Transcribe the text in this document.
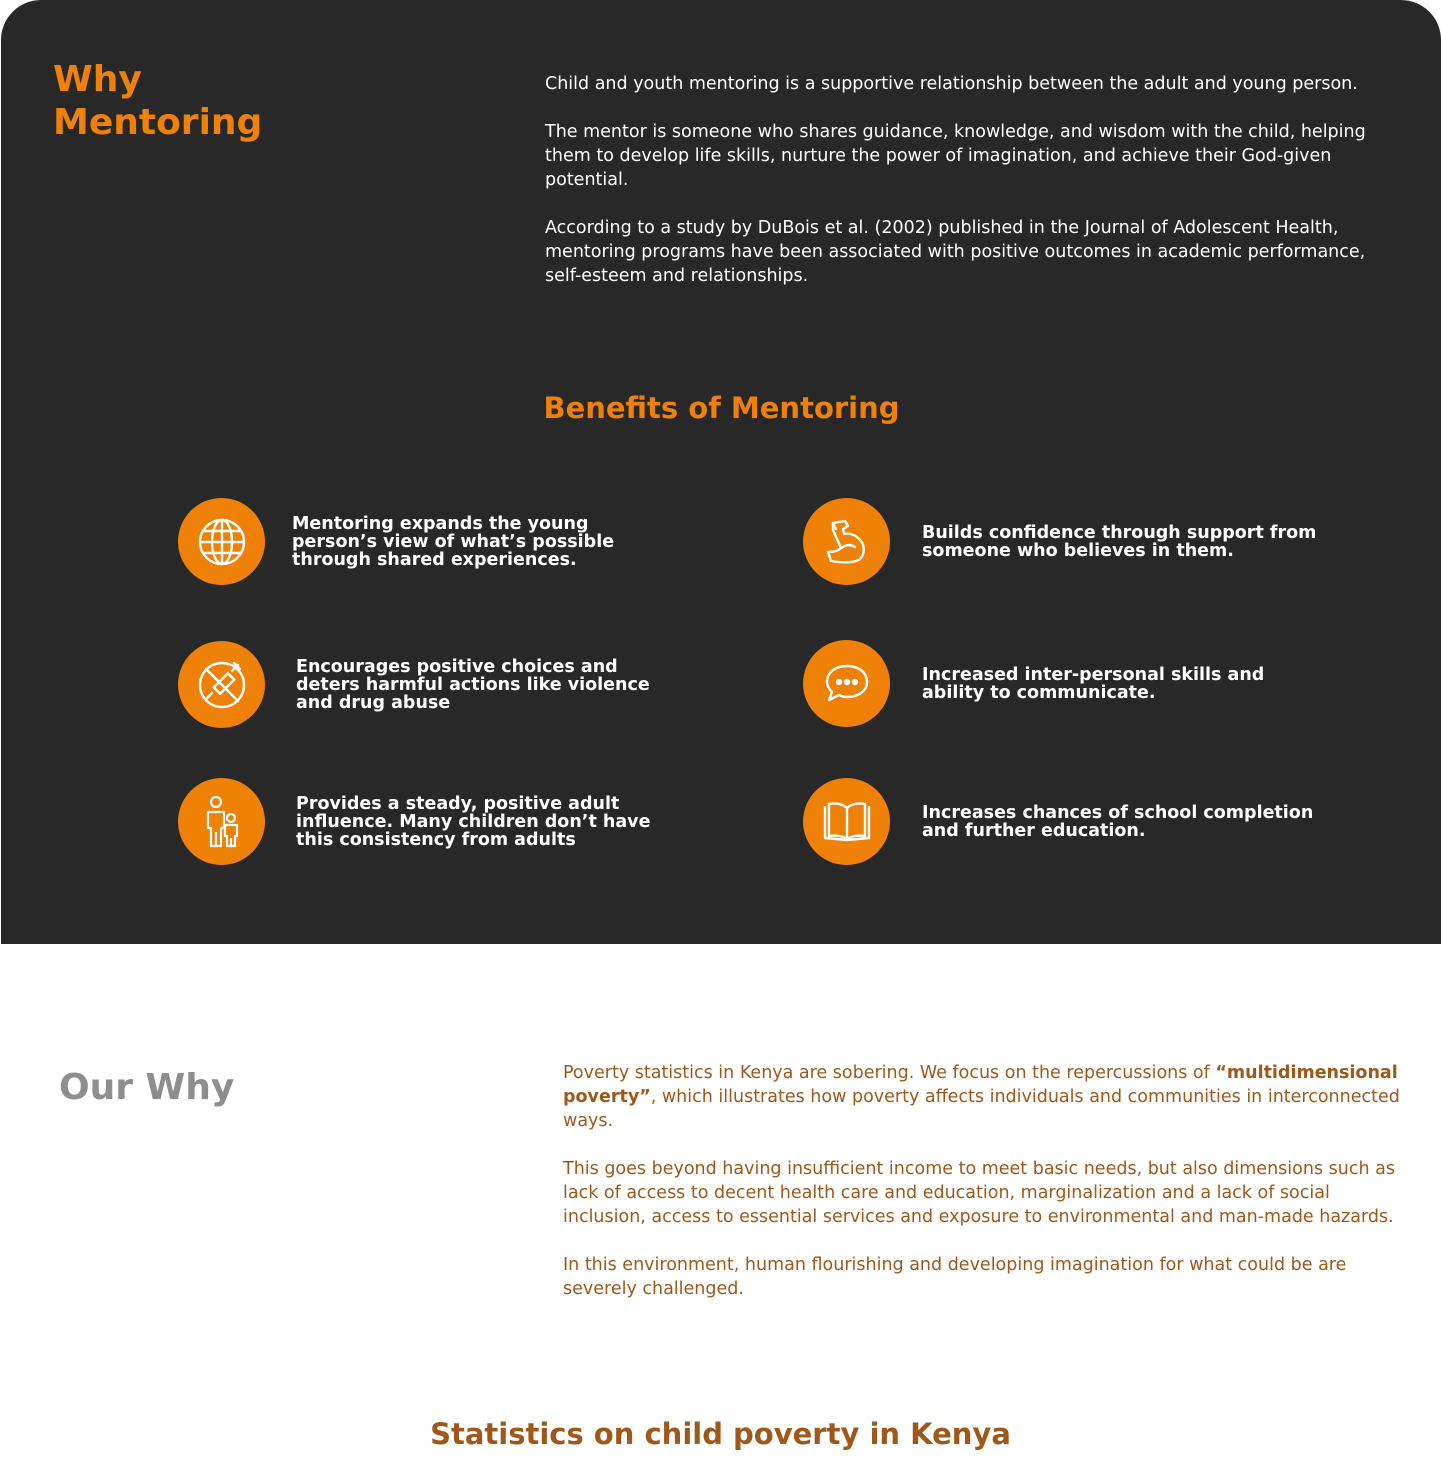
Why
Mentoring

Child and youth mentoring is a supportive relationship between the adult and young person.

The mentor is someone who shares guidance, knowledge, and wisdom with the child, helping them to develop life skills, nurture the power of imagination, and achieve their God-given potential.

According to a study by DuBois et al. (2002) published in the Journal of Adolescent Health, mentoring programs have been associated with positive outcomes in academic performance, self-esteem and relationships.

Benefits of Mentoring
Mentoring expands the young person’s view of what’s possible through shared experiences.
Builds confidence through support from someone who believes in them.
Encourages positive choices and deters harmful actions like violence and drug abuse
Increased inter-personal skills and ability to communicate.
Provides a steady, positive adult influence. Many children don’t have this consistency from adults
Increases chances of school completion and further education.
Our Why	Poverty statistics in Kenya are sobering. We focus on the repercussions of “multidimensional poverty”, which illustrates how poverty affects individuals and communities in interconnected ways.

This goes beyond having insufficient income to meet basic needs, but also dimensions such as lack of access to decent health care and education, marginalization and a lack of social inclusion, access to essential services and exposure to environmental and man-made hazards.

In this environment, human flourishing and developing imagination for what could be are severely challenged.

Statistics on child poverty in Kenya
